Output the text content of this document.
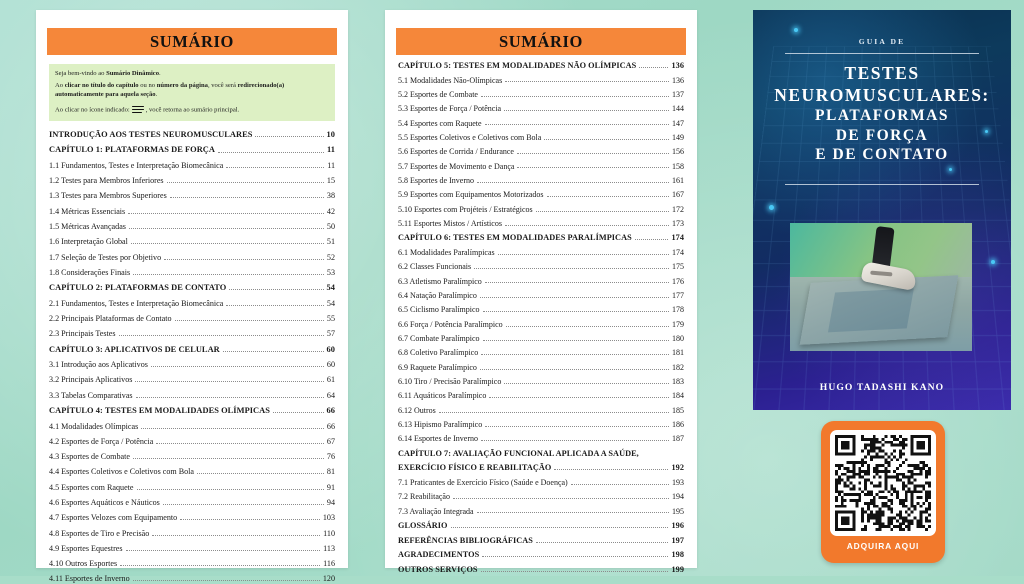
SUMÁRIO

Seja bem-vindo ao Sumário Dinâmico.

Ao clicar no título do capítulo ou no número da página, você será redirecionado(a) automaticamente para aquela seção.

Ao clicar no ícone indicado: , você retorna ao sumário principal.

INTRODUÇÃO AOS TESTES NEUROMUSCULARES	10
CAPÍTULO 1: PLATAFORMAS DE FORÇA	11
1.1 Fundamentos, Testes e Interpretação Biomecânica	11
1.2 Testes para Membros Inferiores	15
1.3 Testes para Membros Superiores	38
1.4 Métricas Essenciais	42
1.5 Métricas Avançadas	50
1.6 Interpretação Global	51
1.7 Seleção de Testes por Objetivo	52
1.8 Considerações Finais	53
CAPÍTULO 2: PLATAFORMAS DE CONTATO	54
2.1 Fundamentos, Testes e Interpretação Biomecânica	54
2.2 Principais Plataformas de Contato	55
2.3 Principais Testes	57
CAPÍTULO 3: APLICATIVOS DE CELULAR	60
3.1 Introdução aos Aplicativos	60
3.2 Principais Aplicativos	61
3.3 Tabelas Comparativas	64
CAPÍTULO 4: TESTES EM MODALIDADES OLÍMPICAS	66
4.1 Modalidades Olímpicas	66
4.2 Esportes de Força / Potência	67
4.3 Esportes de Combate	76
4.4 Esportes Coletivos e Coletivos com Bola	81
4.5 Esportes com Raquete	91
4.6 Esportes Aquáticos e Náuticos	94
4.7 Esportes Velozes com Equipamento	103
4.8 Esportes de Tiro e Precisão	110
4.9 Esportes Equestres	113
4.10 Outros Esportes	116
4.11 Esportes de Inverno	120
SUMÁRIO
CAPÍTULO 5: TESTES EM MODALIDADES NÃO OLÍMPICAS	136
5.1 Modalidades Não-Olímpicas	136
5.2 Esportes de Combate	137
5.3 Esportes de Força / Potência	144
5.4 Esportes com Raquete	147
5.5 Esportes Coletivos e Coletivos com Bola	149
5.6 Esportes de Corrida / Endurance	156
5.7 Esportes de Movimento e Dança	158
5.8 Esportes de Inverno	161
5.9 Esportes com Equipamentos Motorizados	167
5.10 Esportes com Projéteis / Estratégicos	172
5.11 Esportes Mistos / Artísticos	173
CAPÍTULO 6: TESTES EM MODALIDADES PARALÍMPICAS	174
6.1 Modalidades Paralímpicas	174
6.2 Classes Funcionais	175
6.3 Atletismo Paralímpico	176
6.4 Natação Paralímpico	177
6.5 Ciclismo Paralímpico	178
6.6 Força / Potência Paralímpico	179
6.7 Combate Paralímpico	180
6.8 Coletivo Paralímpico	181
6.9 Raquete Paralímpico	182
6.10 Tiro / Precisão Paralímpico	183
6.11 Aquáticos Paralímpico	184
6.12 Outros	185
6.13 Hipismo Paralímpico	186
6.14 Esportes de Inverno	187
CAPÍTULO 7: AVALIAÇÃO FUNCIONAL APLICADA A SAÚDE,
EXERCÍCIO FÍSICO E REABILITAÇÃO	192
7.1 Praticantes de Exercício Físico (Saúde e Doença)	193
7.2 Reabilitação	194
7.3 Avaliação Integrada	195
GLOSSÁRIO	196
REFERÊNCIAS BIBLIOGRÁFICAS	197
AGRADECIMENTOS	198
OUTROS SERVIÇOS	199
GUIA DE
TESTES
NEUROMUSCULARES:
PLATAFORMAS
DE FORÇA
E DE CONTATO
HUGO TADASHI KANO
ADQUIRA AQUI
